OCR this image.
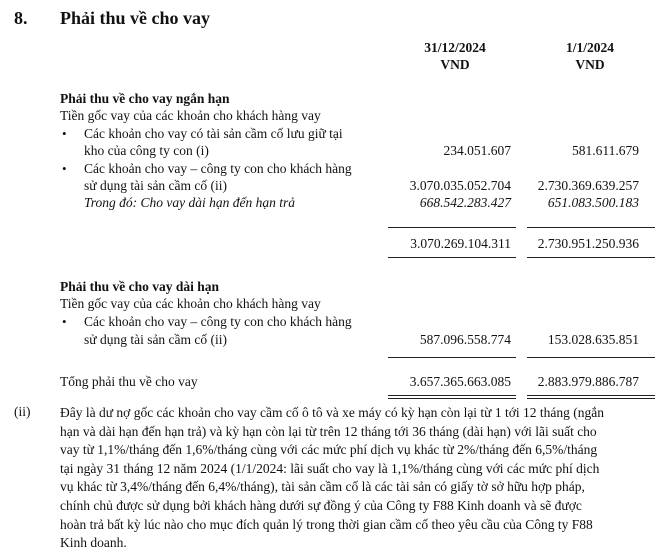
8. Phải thu về cho vay
31/12/2024
VND
1/1/2024
VND
Phải thu về cho vay ngắn hạn
Tiền gốc vay của các khoản cho khách hàng vay
• Các khoản cho vay có tài sản cầm cố lưu giữ tại
kho của công ty con (i)	234.051.607	581.611.679
• Các khoản cho vay – công ty con cho khách hàng
sử dụng tài sản cầm cố (ii)	3.070.035.052.704 2.730.369.639.257
Trong đó: Cho vay dài hạn đến hạn trả	668.542.283.427	651.083.500.183
3.070.269.104.311 2.730.951.250.936
Phải thu về cho vay dài hạn
Tiền gốc vay của các khoản cho khách hàng vay
• Các khoản cho vay – công ty con cho khách hàng
sử dụng tài sản cầm cố (ii)	587.096.558.774	153.028.635.851
Tổng phải thu về cho vay	3.657.365.663.085 2.883.979.886.787
(ii) Đây là dư nợ gốc các khoản cho vay cầm cố ô tô và xe máy có kỳ hạn còn lại từ 1 tới 12 tháng (ngắn
hạn và dài hạn đến hạn trả) và kỳ hạn còn lại từ trên 12 tháng tới 36 tháng (dài hạn) với lãi suất cho
vay từ 1,1%/tháng đến 1,6%/tháng cùng với các mức phí dịch vụ khác từ 2%/tháng đến 6,5%/tháng
tại ngày 31 tháng 12 năm 2024 (1/1/2024: lãi suất cho vay là 1,1%/tháng cùng với các mức phí dịch
vụ khác từ 3,4%/tháng đến 6,4%/tháng), tài sản cầm cố là các tài sản có giấy tờ sở hữu hợp pháp,
chính chủ được sử dụng bởi khách hàng dưới sự đồng ý của Công ty F88 Kinh doanh và sẽ được
hoàn trả bất kỳ lúc nào cho mục đích quản lý trong thời gian cầm cố theo yêu cầu của Công ty F88
Kinh doanh.
